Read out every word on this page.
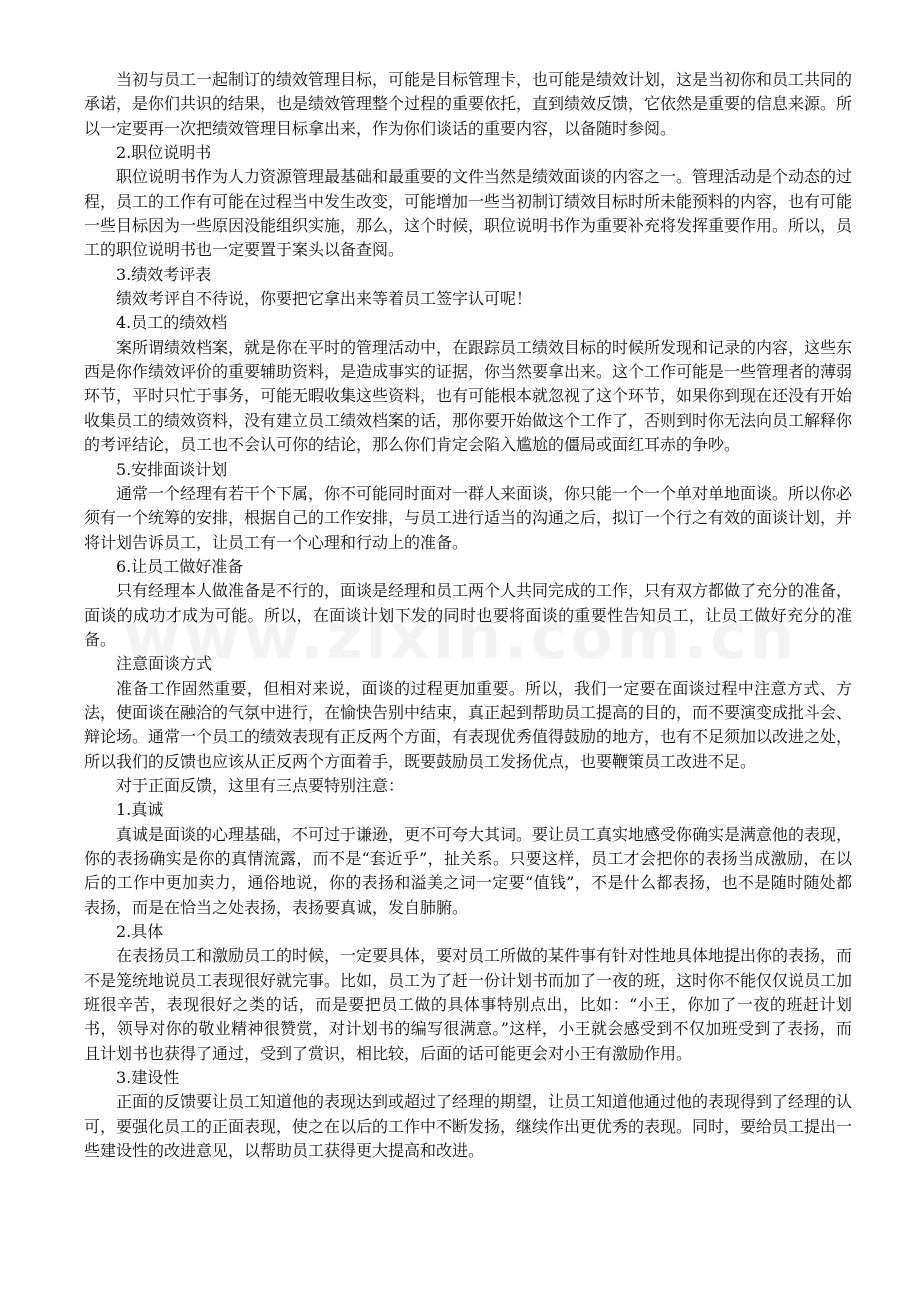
当初与员工一起制订的绩效管理目标，可能是目标管理卡，也可能是绩效计划，这是当初你和员工共同的承诺，是你们共识的结果，也是绩效管理整个过程的重要依托，直到绩效反馈，它依然是重要的信息来源。所以一定要再一次把绩效管理目标拿出来，作为你们谈话的重要内容，以备随时参阅。

2.职位说明书

职位说明书作为人力资源管理最基础和最重要的文件当然是绩效面谈的内容之一。管理活动是个动态的过程，员工的工作有可能在过程当中发生改变，可能增加一些当初制订绩效目标时所未能预料的内容，也有可能一些目标因为一些原因没能组织实施，那么，这个时候，职位说明书作为重要补充将发挥重要作用。所以，员工的职位说明书也一定要置于案头以备查阅。

3.绩效考评表

绩效考评自不待说，你要把它拿出来等着员工签字认可呢！

4.员工的绩效档

案所谓绩效档案，就是你在平时的管理活动中，在跟踪员工绩效目标的时候所发现和记录的内容，这些东西是你作绩效评价的重要辅助资料，是造成事实的证据，你当然要拿出来。这个工作可能是一些管理者的薄弱环节，平时只忙于事务，可能无暇收集这些资料，也有可能根本就忽视了这个环节，如果你到现在还没有开始收集员工的绩效资料，没有建立员工绩效档案的话，那你要开始做这个工作了，否则到时你无法向员工解释你的考评结论，员工也不会认可你的结论，那么你们肯定会陷入尴尬的僵局或面红耳赤的争吵。

5.安排面谈计划

通常一个经理有若干个下属，你不可能同时面对一群人来面谈，你只能一个一个单对单地面谈。所以你必须有一个统筹的安排，根据自己的工作安排，与员工进行适当的沟通之后，拟订一个行之有效的面谈计划，并将计划告诉员工，让员工有一个心理和行动上的准备。

6.让员工做好准备

只有经理本人做准备是不行的，面谈是经理和员工两个人共同完成的工作，只有双方都做了充分的准备，面谈的成功才成为可能。所以，在面谈计划下发的同时也要将面谈的重要性告知员工，让员工做好充分的准备。

注意面谈方式

准备工作固然重要，但相对来说，面谈的过程更加重要。所以，我们一定要在面谈过程中注意方式、方法，使面谈在融洽的气氛中进行，在愉快告别中结束，真正起到帮助员工提高的目的，而不要演变成批斗会、辩论场。通常一个员工的绩效表现有正反两个方面，有表现优秀值得鼓励的地方，也有不足须加以改进之处，所以我们的反馈也应该从正反两个方面着手，既要鼓励员工发扬优点，也要鞭策员工改进不足。

对于正面反馈，这里有三点要特别注意：

1.真诚

真诚是面谈的心理基础，不可过于谦逊，更不可夸大其词。要让员工真实地感受你确实是满意他的表现，你的表扬确实是你的真情流露，而不是“套近乎”，扯关系。只要这样，员工才会把你的表扬当成激励，在以后的工作中更加卖力，通俗地说，你的表扬和溢美之词一定要“值钱”，不是什么都表扬，也不是随时随处都表扬，而是在恰当之处表扬，表扬要真诚，发自肺腑。

2.具体

在表扬员工和激励员工的时候，一定要具体，要对员工所做的某件事有针对性地具体地提出你的表扬，而不是笼统地说员工表现很好就完事。比如，员工为了赶一份计划书而加了一夜的班，这时你不能仅仅说员工加班很辛苦，表现很好之类的话，而是要把员工做的具体事特别点出，比如：“小王，你加了一夜的班赶计划书，领导对你的敬业精神很赞赏，对计划书的编写很满意。”这样，小王就会感受到不仅加班受到了表扬，而且计划书也获得了通过，受到了赏识，相比较，后面的话可能更会对小王有激励作用。

3.建设性

正面的反馈要让员工知道他的表现达到或超过了经理的期望，让员工知道他通过他的表现得到了经理的认可，要强化员工的正面表现，使之在以后的工作中不断发扬，继续作出更优秀的表现。同时，要给员工提出一些建设性的改进意见，以帮助员工获得更大提高和改进。
